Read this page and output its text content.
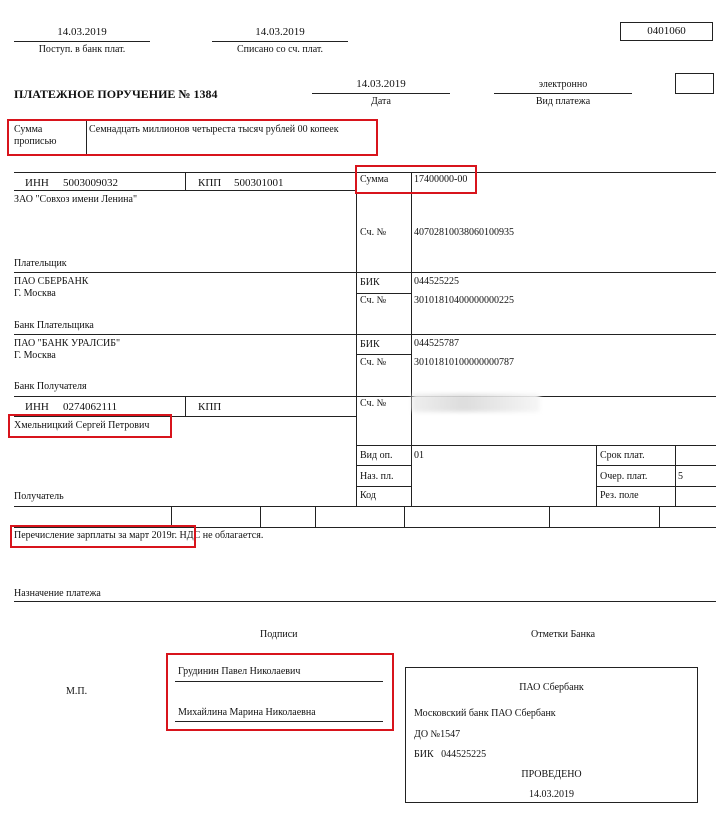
14.03.2019
Поступ. в банк плат.
14.03.2019
Списано со сч. плат.
0401060
ПЛАТЕЖНОЕ ПОРУЧЕНИЕ № 1384
14.03.2019
Дата
электронно
Вид платежа
Сумма
прописью
Семнадцать миллионов четыреста тысяч рублей 00 копеек
ИНН 5003009032	КПП 500301001
ЗАО "Совхоз имени Ленина"
Плательщик
Сумма	17400000-00
Сч. №	40702810038060100935
ПАО СБЕРБАНК
Г. Москва
Банк Плательщика
БИК	044525225
Сч. №	30101810400000000225
ПАО "БАНК УРАЛСИБ"
Г. Москва
Банк Получателя
БИК	044525787
Сч. №	30101810100000000787
ИНН 0274062111	КПП
Хмельницкий Сергей Петрович
Получатель
Сч. №
Вид оп. 01
Наз. пл.
Код
Срок плат.
Очер. плат.	5
Рез. поле
Перечисление зарплаты за март 2019г. НДС не облагается.
Назначение платежа
Подписи	Отметки Банка
М.П.
Грудинин Павел Николаевич
Михайлина Марина Николаевна
ПАО Сбербанк
Московский банк ПАО Сбербанк
ДО №1547
БИК   044525225
ПРОВЕДЕНО
14.03.2019
